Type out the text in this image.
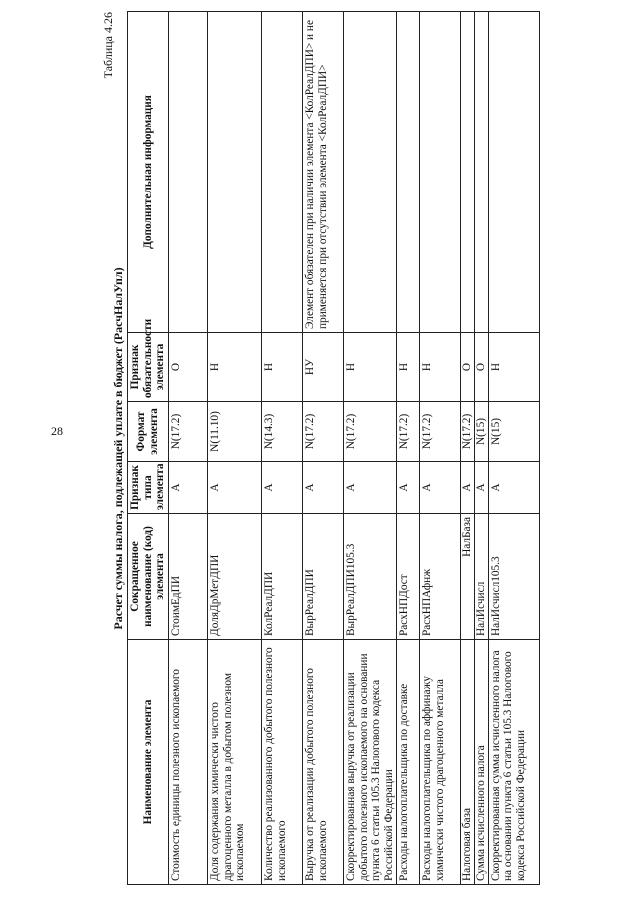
28
Таблица 4.26
Расчет суммы налога, подлежащей уплате в бюджет (РасчНалУпл)
Наименование элемента	Сокращенное наименование (код) элемента	Признак типа элемента	Формат элемента	Признак обязательности элемента	Дополнительная информация
Стоимость единицы полезного ископаемого	СтоимЕдПИ	А	N(17.2)	О	
Доля содержания химически чистого драгоценного металла в добытом полезном ископаемом	ДоляДрМетДПИ	А	N(11.10)	Н	
Количество реализованного добытого полезного ископаемого	КолРеалДПИ	А	N(14.3)	Н	
Выручка от реализации добытого полезного ископаемого	ВырРеалДПИ	А	N(17.2)	НУ	Элемент обязателен при наличии элемента <КолРеалДПИ> и не применяется при отсутствии элемента <КолРеалДПИ>
Скорректированная выручка от реализации добытого полезного ископаемого на основании пункта 6 статьи 105.3 Налогового кодекса Российской Федерации	ВырРеалДПИ105.3	А	N(17.2)	Н	
Расходы налогоплательщика по доставке	РасхНПДост	А	N(17.2)	Н	
Расходы налогоплательщика по аффинажу химически чистого драгоценного металла	РасхНПАфнж	А	N(17.2)	Н	
Налоговая база	НалБаза	А	N(17.2)	О	
Сумма исчисленного налога	НалИсчисл	А	N(15)	О	
Скорректированная сумма исчисленного налога на основании пункта 6 статьи 105.3 Налогового кодекса Российской Федерации	НалИсчисл105.3	А	N(15)	Н	
